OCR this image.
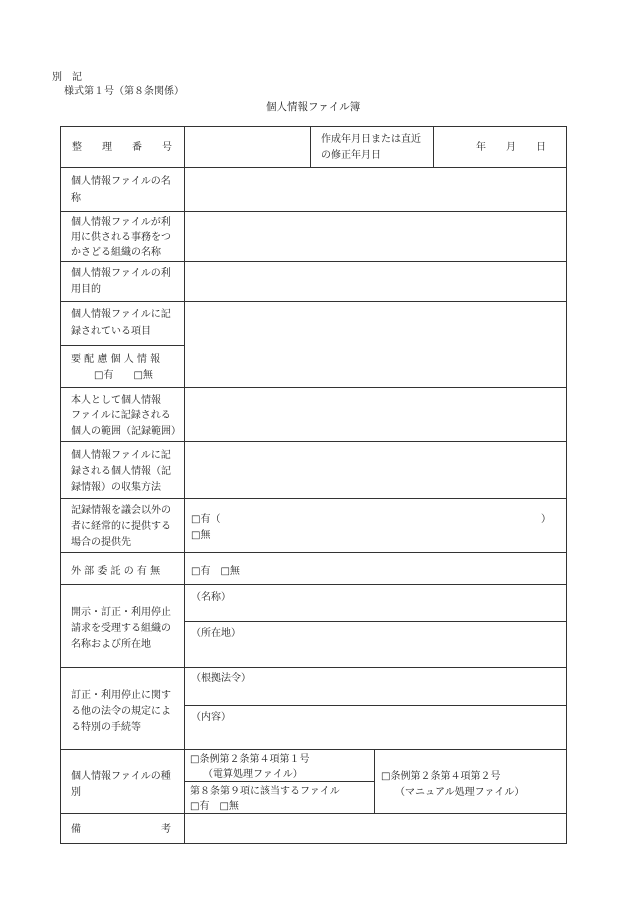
別　記
様式第１号（第８条関係）
個人情報ファイル簿
整　　理　　番　　号
作成年月日または直近
の修正年月日
年　　月　　日
個人情報ファイルの名
称
個人情報ファイルが利
用に供される事務をつ
かさどる組織の名称
個人情報ファイルの利
用目的
個人情報ファイルに記
録されている項目
要 配 慮 個 人 情 報
□有　　□無
本人として個人情報
ファイルに記録される
個人の範囲（記録範囲）
個人情報ファイルに記
録される個人情報（記
録情報）の収集方法
記録情報を議会以外の
者に経常的に提供する
場合の提供先
□有（	）
□無
外 部 委 託 の 有 無	□有　□無
開示・訂正・利用停止
請求を受理する組織の
名称および所在地
（名称）
（所在地）
訂正・利用停止に関す
る他の法令の規定によ
る特別の手続等
（根拠法令）
（内容）
個人情報ファイルの種
別
□条例第２条第４項第１号
（電算処理ファイル）
第８条第９項に該当するファイル
□有　□無
□条例第２条第４項第２号
（マニュアル処理ファイル）
備　　　　　　　　考
